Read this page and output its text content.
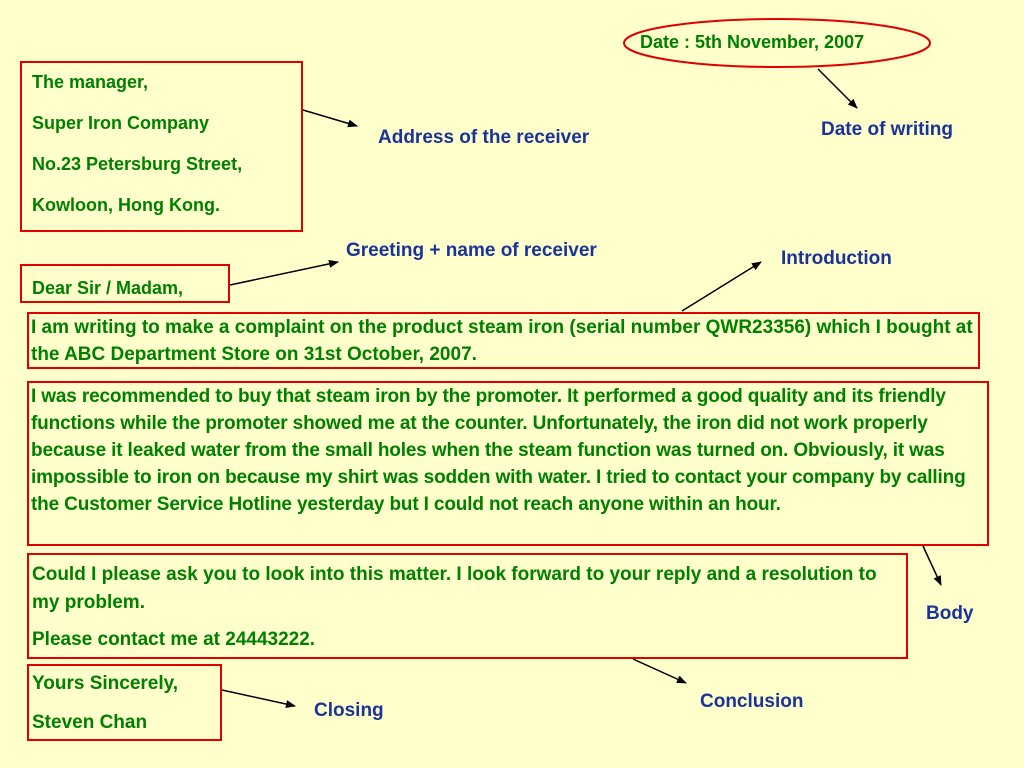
Date : 5th November, 2007
The manager,
Super Iron Company
No.23 Petersburg Street,
Kowloon, Hong Kong.
Dear Sir / Madam,
I am writing to make a complaint on the product steam iron (serial number QWR23356) which I bought at the ABC Department Store on 31st October, 2007.
I was recommended to buy that steam iron by the promoter. It performed a good quality and its friendly functions while the promoter showed me at the counter. Unfortunately, the iron did not work properly because it leaked water from the small holes when the steam function was turned on. Obviously, it was impossible to iron on because my shirt was sodden with water. I tried to contact your company by calling the Customer Service Hotline yesterday but I could not reach anyone within an hour.
Could I please ask you to look into this matter. I look forward to your reply and a resolution to my problem.
Please contact me at 24443222.
Yours Sincerely,
Steven Chan
Address of the receiver	Date of writing
Greeting + name of receiver	Introduction
Body
Conclusion
Closing
